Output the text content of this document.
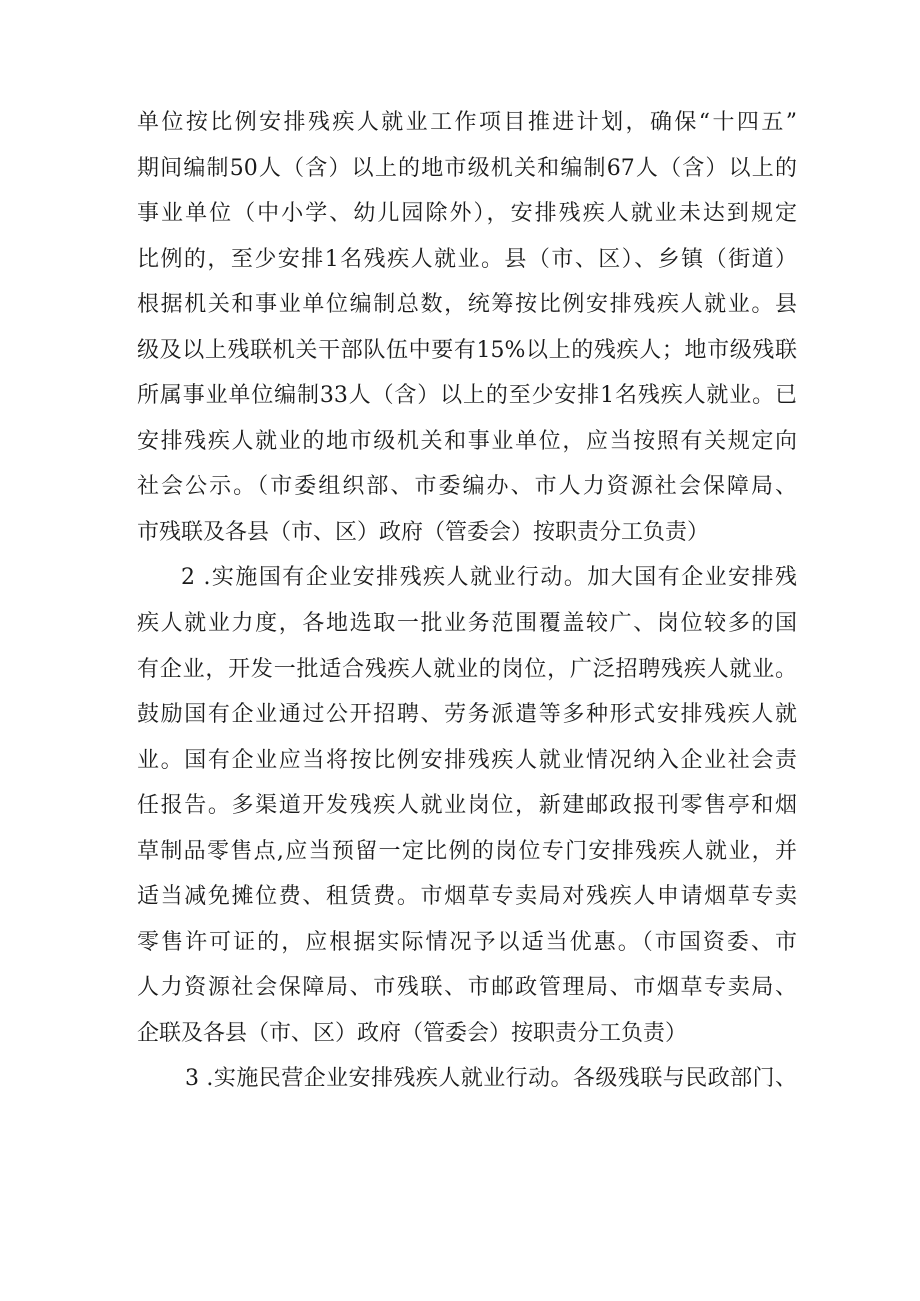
单位按比例安排残疾人就业工作项目推进计划，确保“十四五”
期间编制50人（含）以上的地市级机关和编制67人（含）以上的
事业单位（中小学、幼儿园除外），安排残疾人就业未达到规定
比例的，至少安排1名残疾人就业。县（市、区）、乡镇（街道）
根据机关和事业单位编制总数，统筹按比例安排残疾人就业。县
级及以上残联机关干部队伍中要有15%以上的残疾人；地市级残联
所属事业单位编制33人（含）以上的至少安排1名残疾人就业。已
安排残疾人就业的地市级机关和事业单位，应当按照有关规定向
社会公示。（市委组织部、市委编办、市人力资源社会保障局、
市残联及各县（市、区）政府（管委会）按职责分工负责）
2 .实施国有企业安排残疾人就业行动。加大国有企业安排残
疾人就业力度，各地选取一批业务范围覆盖较广、岗位较多的国
有企业，开发一批适合残疾人就业的岗位，广泛招聘残疾人就业。
鼓励国有企业通过公开招聘、劳务派遣等多种形式安排残疾人就
业。国有企业应当将按比例安排残疾人就业情况纳入企业社会责
任报告。多渠道开发残疾人就业岗位，新建邮政报刊零售亭和烟
草制品零售点,应当预留一定比例的岗位专门安排残疾人就业，并
适当减免摊位费、租赁费。市烟草专卖局对残疾人申请烟草专卖
零售许可证的，应根据实际情况予以适当优惠。（市国资委、市
人力资源社会保障局、市残联、市邮政管理局、市烟草专卖局、
企联及各县（市、区）政府（管委会）按职责分工负责）
3 .实施民营企业安排残疾人就业行动。各级残联与民政部门、
